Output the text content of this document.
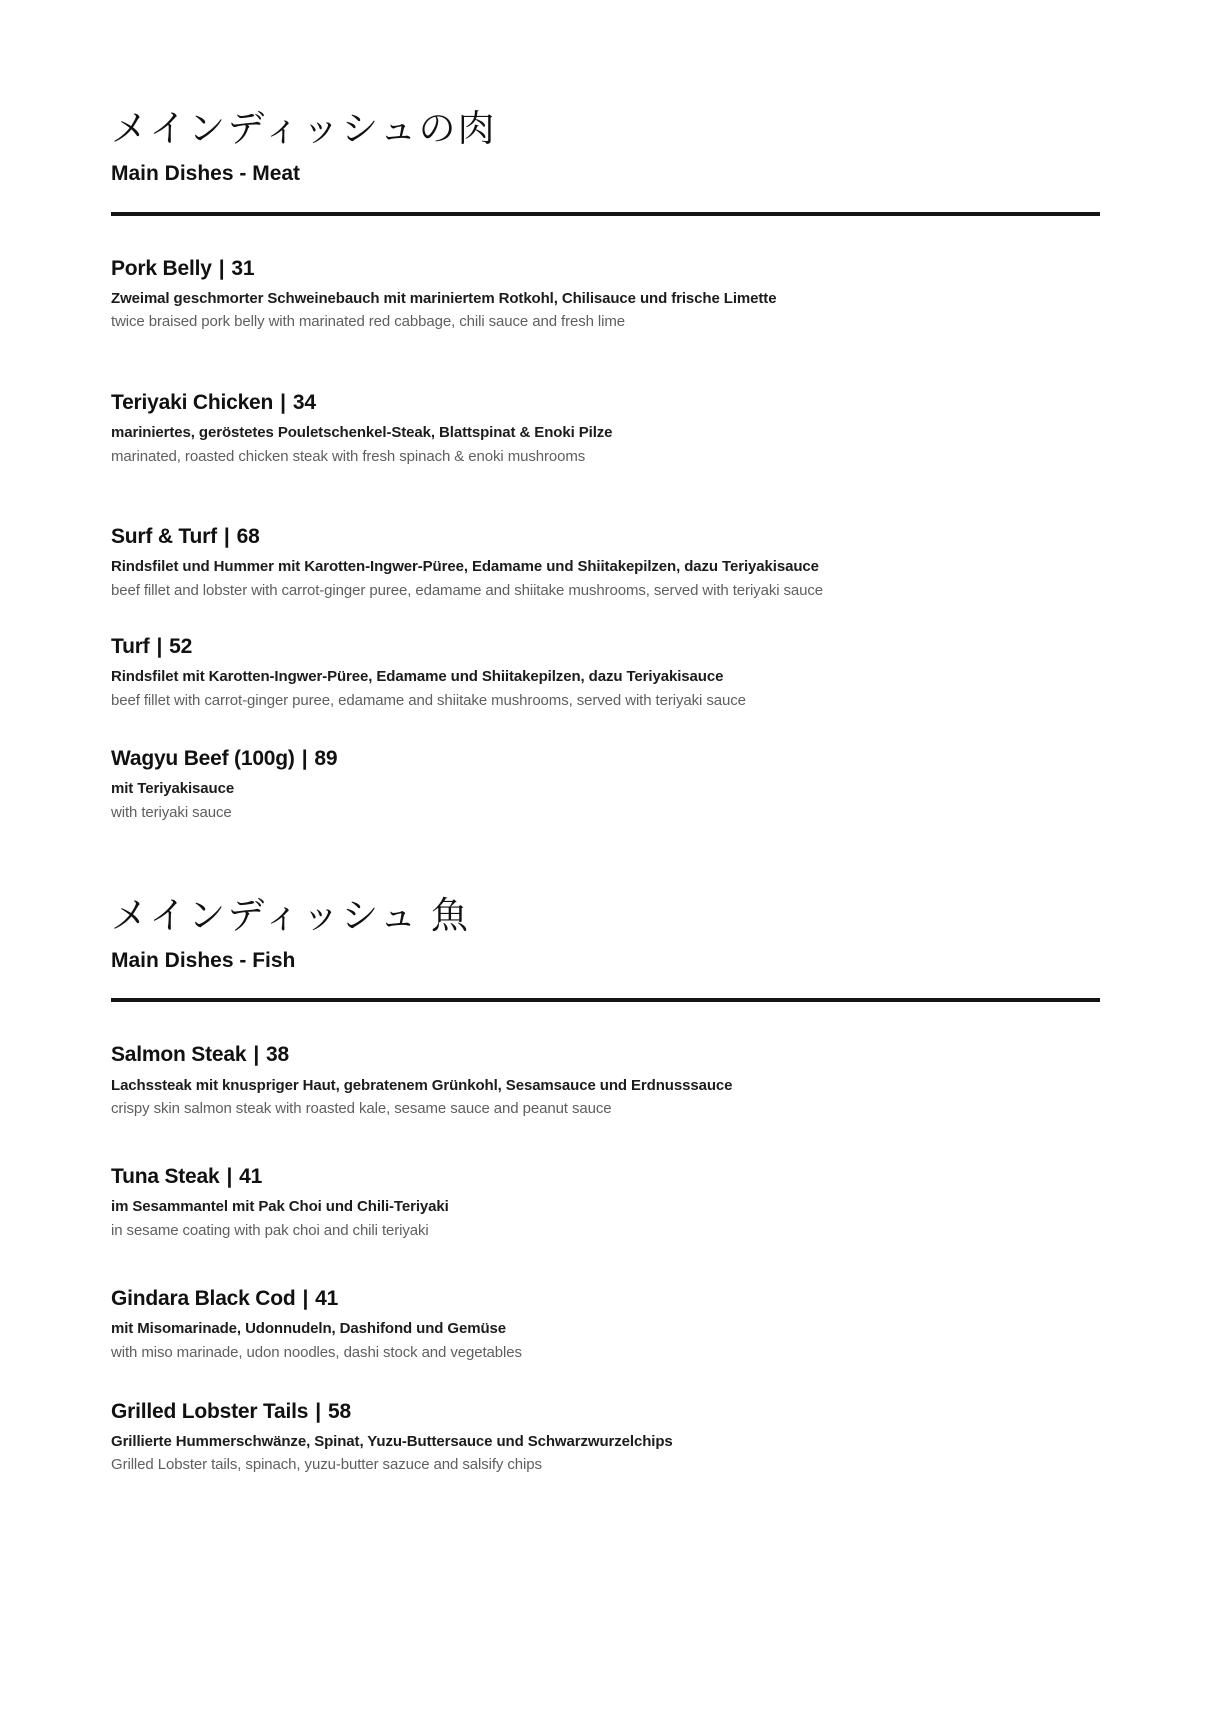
メインディッシュの肉
Main Dishes - Meat
Pork Belly | 31

Zweimal geschmorter Schweinebauch mit mariniertem Rotkohl, Chilisauce und frische Limette

twice braised pork belly with marinated red cabbage, chili sauce and fresh lime

Teriyaki Chicken | 34

mariniertes, geröstetes Pouletschenkel-Steak, Blattspinat & Enoki Pilze

marinated, roasted chicken steak with fresh spinach & enoki mushrooms

Surf & Turf | 68

Rindsfilet und Hummer mit Karotten-Ingwer-Püree, Edamame und Shiitakepilzen, dazu Teriyakisauce

beef fillet and lobster with carrot-ginger puree, edamame and shiitake mushrooms, served with teriyaki sauce

Turf | 52

Rindsfilet mit Karotten-Ingwer-Püree, Edamame und Shiitakepilzen, dazu Teriyakisauce

beef fillet with carrot-ginger puree, edamame and shiitake mushrooms, served with teriyaki sauce

Wagyu Beef (100g) | 89

mit Teriyakisauce

with teriyaki sauce

メインディッシュ 魚
Main Dishes - Fish
Salmon Steak | 38

Lachssteak mit knuspriger Haut, gebratenem Grünkohl, Sesamsauce und Erdnusssauce

crispy skin salmon steak with roasted kale, sesame sauce and peanut sauce

Tuna Steak | 41

im Sesammantel mit Pak Choi und Chili-Teriyaki

in sesame coating with pak choi and chili teriyaki

Gindara Black Cod | 41

mit Misomarinade, Udonnudeln, Dashifond und Gemüse

with miso marinade, udon noodles, dashi stock and vegetables

Grilled Lobster Tails | 58

Grillierte Hummerschwänze, Spinat, Yuzu-Buttersauce und Schwarzwurzelchips

Grilled Lobster tails, spinach, yuzu-butter sazuce and salsify chips
